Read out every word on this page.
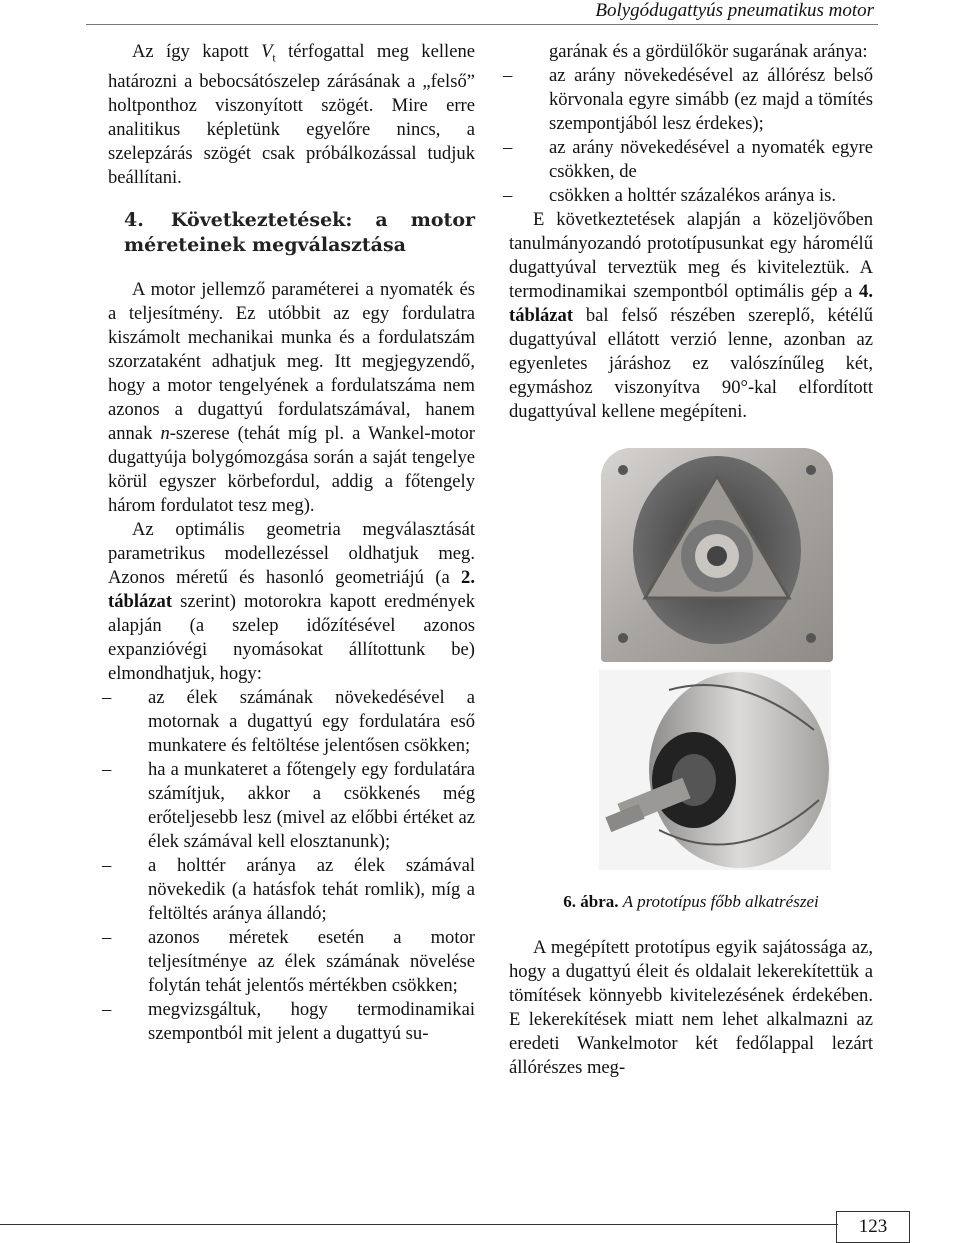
Bolygódugattyús pneumatikus motor

Az így kapott $V_t$ térfogattal meg kellene határozni a bebocsátószelep zárásának a „felső” holtponthoz viszonyított szögét. Mire erre analitikus képletünk egyelőre nincs, a szelepzárás szögét csak próbálkozással tudjuk beállítani.

4. Következtetések: a motor méreteinek megválasztása

A motor jellemző paraméterei a nyomaték és a teljesítmény. Ez utóbbit az egy fordulatra kiszámolt mechanikai munka és a fordulatszám szorzataként adhatjuk meg. Itt megjegyzendő, hogy a motor tengelyének a fordulatszáma nem azonos a dugattyú fordulatszámával, hanem annak n-szerese (tehát míg pl. a Wankel-motor dugattyúja bolygómozgása során a saját tengelye körül egyszer körbefordul, addig a főtengely három fordulatot tesz meg).

Az optimális geometria megválasztását parametrikus modellezéssel oldhatjuk meg. Azonos méretű és hasonló geometriájú (a 2. táblázat szerint) motorokra kapott eredmények alapján (a szelep időzítésével azonos expanzióvégi nyomásokat állítottunk be) elmondhatjuk, hogy:

– az élek számának növekedésével a motornak a dugattyú egy fordulatára eső munkatere és feltöltése jelentősen csökken;
– ha a munkateret a főtengely egy fordulatára számítjuk, akkor a csökkenés még erőteljesebb lesz (mivel az előbbi értéket az élek számával kell elosztanunk);
– a holttér aránya az élek számával növekedik (a hatásfok tehát romlik), míg a feltöltés aránya állandó;
– azonos méretek esetén a motor teljesítménye az élek számának növelése folytán tehát jelentős mértékben csökken;
– megvizsgáltuk, hogy termodinamikai szempontból mit jelent a dugattyú su-

garának és a gördülőkör sugarának aránya:

– az arány növekedésével az állórész belső körvonala egyre simább (ez majd a tömítés szempontjából lesz érdekes);
– az arány növekedésével a nyomaték egyre csökken, de
– csökken a holttér százalékos aránya is.

E következtetések alapján a közeljövőben tanulmányozandó prototípusunkat egy háromélű dugattyúval terveztük meg és kiviteleztük. A termodinamikai szempontból optimális gép a 4. táblázat bal felső részében szereplő, kétélű dugattyúval ellátott verzió lenne, azonban az egyenletes járáshoz ez valószínűleg két, egymáshoz viszonyítva 90°-kal elfordított dugattyúval kellene megépíteni.

6. ábra. A prototípus főbb alkatrészei

A megépített prototípus egyik sajátossága az, hogy a dugattyú éleit és oldalait lekerekítettük a tömítések könnyebb kivitelezésének érdekében. E lekerekítések miatt nem lehet alkalmazni az eredeti Wankelmotor két fedőlappal lezárt állórészes meg-

123
